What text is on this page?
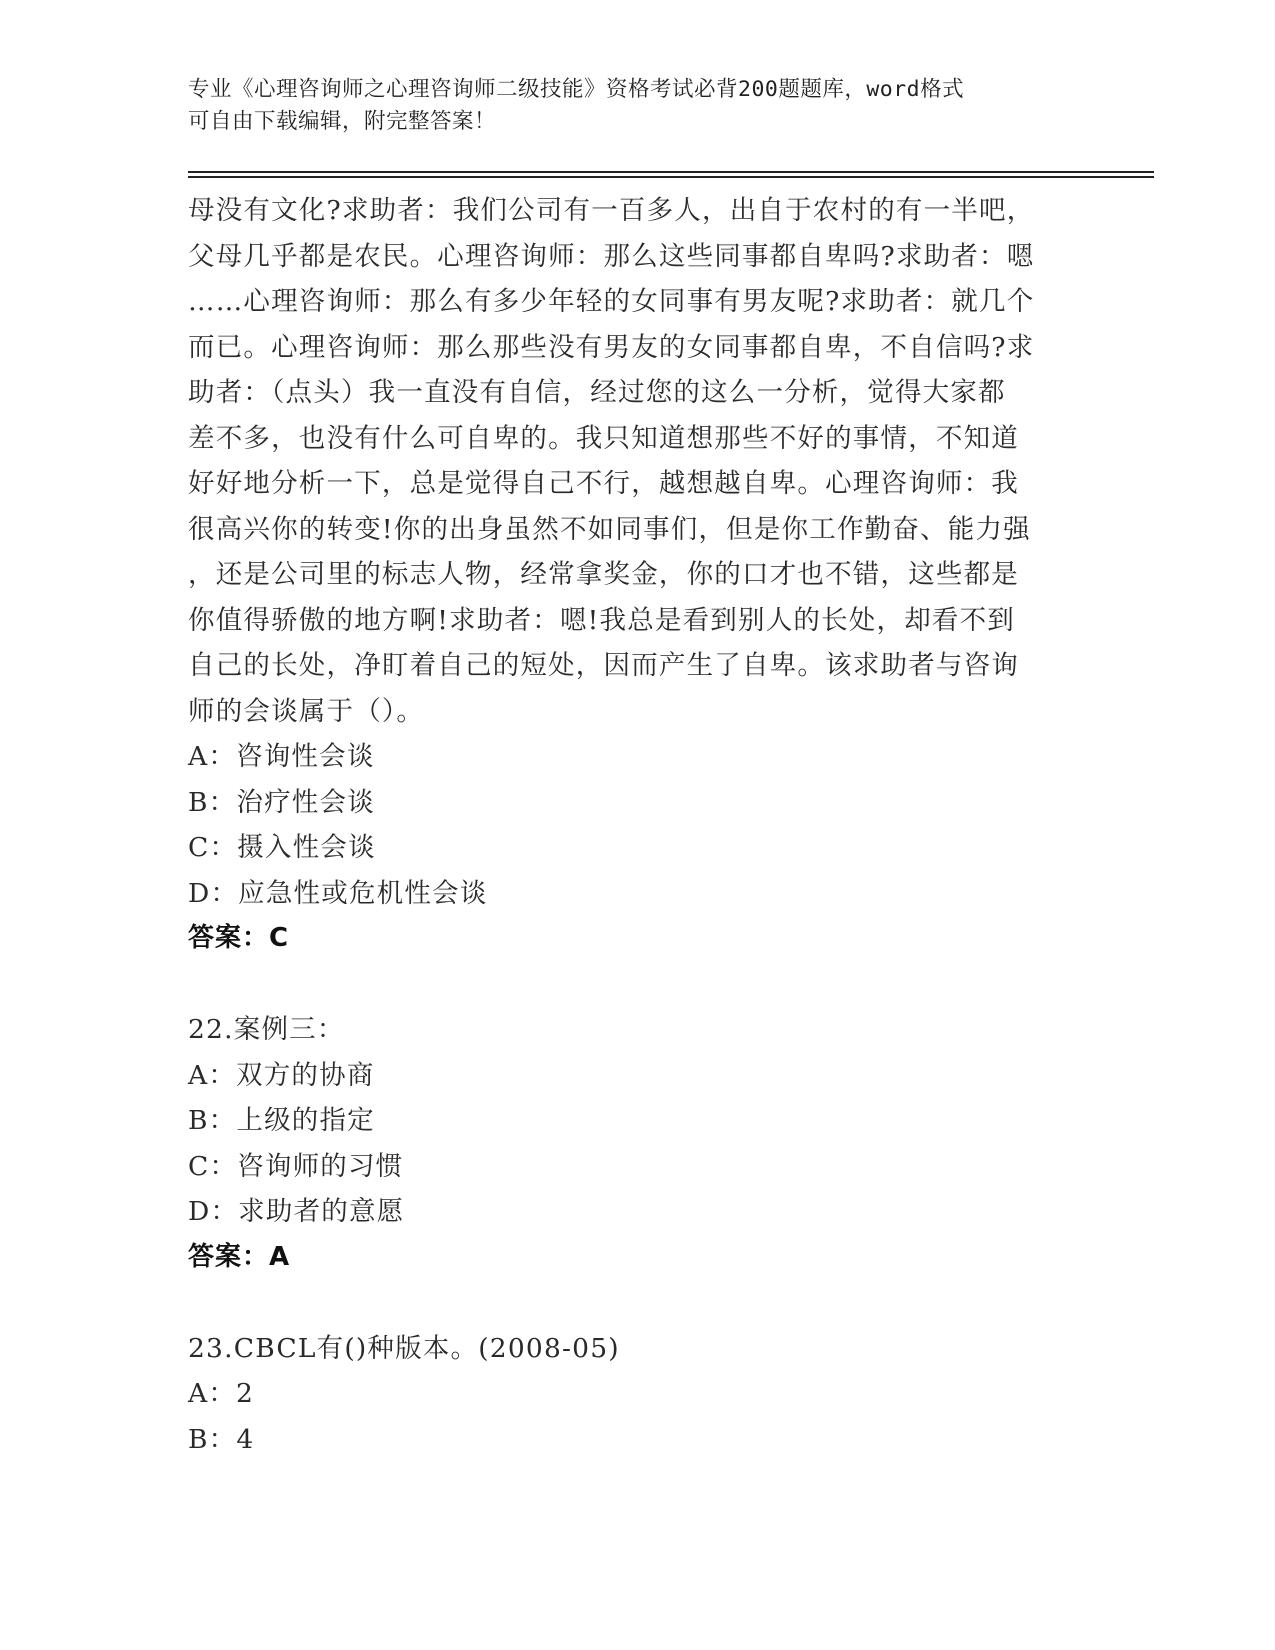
专业《心理咨询师之心理咨询师二级技能》资格考试必背200题题库，word格式
可自由下载编辑，附完整答案！
母没有文化?求助者：我们公司有一百多人，出自于农村的有一半吧，
父母几乎都是农民。心理咨询师：那么这些同事都自卑吗?求助者：嗯
……心理咨询师：那么有多少年轻的女同事有男友呢?求助者：就几个
而已。心理咨询师：那么那些没有男友的女同事都自卑，不自信吗?求
助者：（点头）我一直没有自信，经过您的这么一分析，觉得大家都
差不多，也没有什么可自卑的。我只知道想那些不好的事情，不知道
好好地分析一下，总是觉得自己不行，越想越自卑。心理咨询师：我
很高兴你的转变!你的出身虽然不如同事们，但是你工作勤奋、能力强
，还是公司里的标志人物，经常拿奖金，你的口才也不错，这些都是
你值得骄傲的地方啊!求助者：嗯!我总是看到别人的长处，却看不到
自己的长处，净盯着自己的短处，因而产生了自卑。该求助者与咨询
师的会谈属于（）。
A：咨询性会谈
B：治疗性会谈
C：摄入性会谈
D：应急性或危机性会谈
答案：C
22.案例三：
A：双方的协商
B：上级的指定
C：咨询师的习惯
D：求助者的意愿
答案：A
23.CBCL有()种版本。(2008-05)
A：2
B：4
